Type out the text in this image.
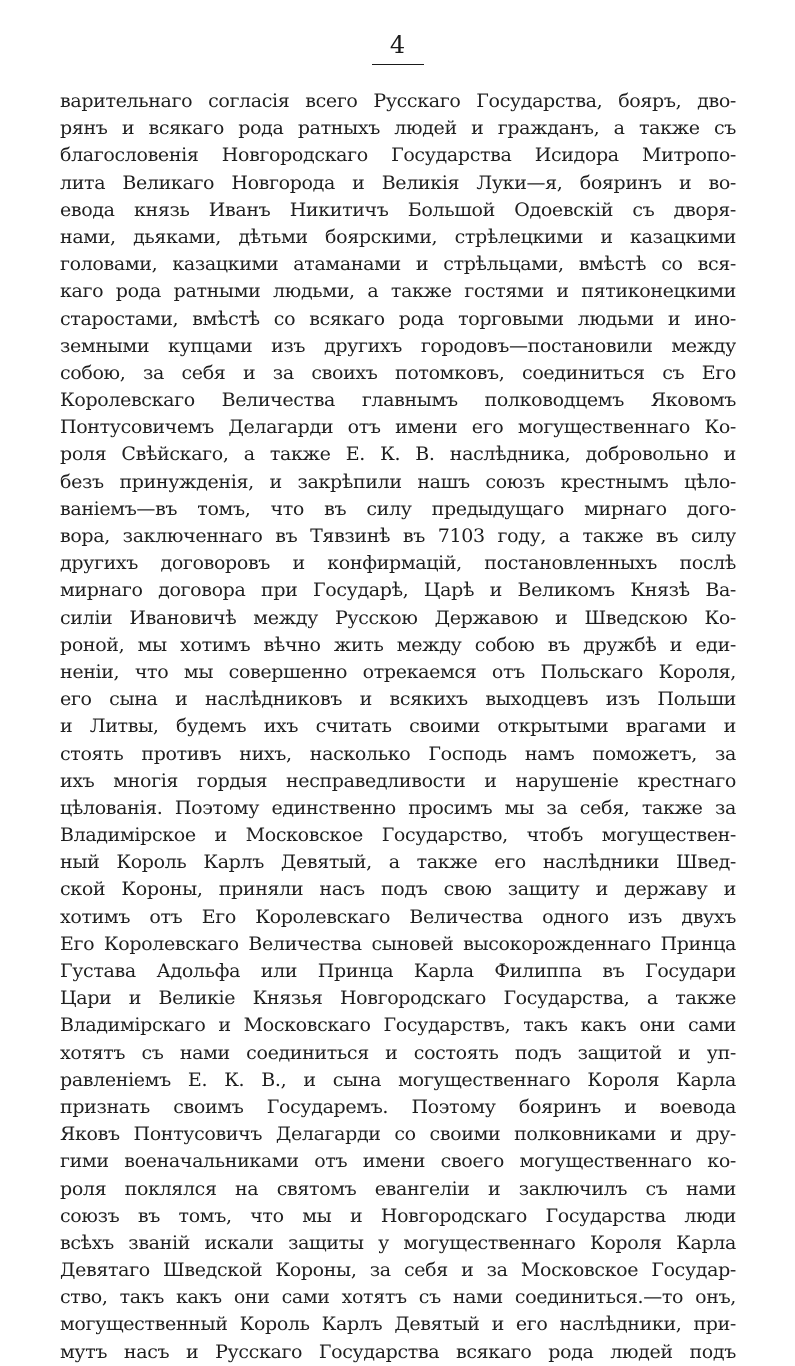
4
варительнаго согласія всего Русскаго Государства, бояръ, дво-
рянъ и всякаго рода ратныхъ людей и гражданъ, а также съ
благословенія Новгородскаго Государства Исидора Митропо-
лита Великаго Новгорода и Великія Луки—я, бояринъ и во-
евода князь Иванъ Никитичъ Большой Одоевскій съ дворя-
нами, дьяками, дѣтьми боярскими, стрѣлецкими и казацкими
головами, казацкими атаманами и стрѣльцами, вмѣстѣ со вся-
каго рода ратными людьми, а также гостями и пятиконецкими
старостами, вмѣстѣ со всякаго рода торговыми людьми и ино-
земными купцами изъ другихъ городовъ—постановили между
собою, за себя и за своихъ потомковъ, соединиться съ Его
Королевскаго Величества главнымъ полководцемъ Яковомъ
Понтусовичемъ Делагарди отъ имени его могущественнаго Ко-
роля Свѣйскаго, а также Е. К. В. наслѣдника, добровольно и
безъ принужденія, и закрѣпили нашъ союзъ крестнымъ цѣло-
ваніемъ—въ томъ, что въ силу предыдущаго мирнаго дого-
вора, заключеннаго въ Тявзинѣ въ 7103 году, а также въ силу
другихъ договоровъ и конфирмацій, постановленныхъ послѣ
мирнаго договора при Государѣ, Царѣ и Великомъ Князѣ Ва-
силіи Ивановичѣ между Русскою Державою и Шведскою Ко-
роной, мы хотимъ вѣчно жить между собою въ дружбѣ и еди-
неніи, что мы совершенно отрекаемся отъ Польскаго Короля,
его сына и наслѣдниковъ и всякихъ выходцевъ изъ Польши
и Литвы, будемъ ихъ считать своими открытыми врагами и
стоять противъ нихъ, насколько Господь намъ поможетъ, за
ихъ многія гордыя несправедливости и нарушеніе крестнаго
цѣлованія. Поэтому единственно просимъ мы за себя, также за
Владимірское и Московское Государство, чтобъ могуществен-
ный Король Карлъ Девятый, а также его наслѣдники Швед-
ской Короны, приняли насъ подъ свою защиту и державу и
хотимъ отъ Его Королевскаго Величества одного изъ двухъ
Его Королевскаго Величества сыновей высокорожденнаго Принца
Густава Адольфа или Принца Карла Филиппа въ Государи
Цари и Великіе Князья Новгородскаго Государства, а также
Владимірскаго и Московскаго Государствъ, такъ какъ они сами
хотятъ съ нами соединиться и состоять подъ защитой и уп-
равленіемъ Е. К. В., и сына могущественнаго Короля Карла
признать своимъ Государемъ. Поэтому бояринъ и воевода
Яковъ Понтусовичъ Делагарди со своими полковниками и дру-
гими военачальниками отъ имени своего могущественнаго ко-
роля поклялся на святомъ евангеліи и заключилъ съ нами
союзъ въ томъ, что мы и Новгородскаго Государства люди
всѣхъ званій искали защиты у могущественнаго Короля Карла
Девятаго Шведской Короны, за себя и за Московское Государ-
ство, такъ какъ они сами хотятъ съ нами соединиться.—то онъ,
могущественный Король Карлъ Девятый и его наслѣдники, при-
мутъ насъ и Русскаго Государства всякаго рода людей подъ
